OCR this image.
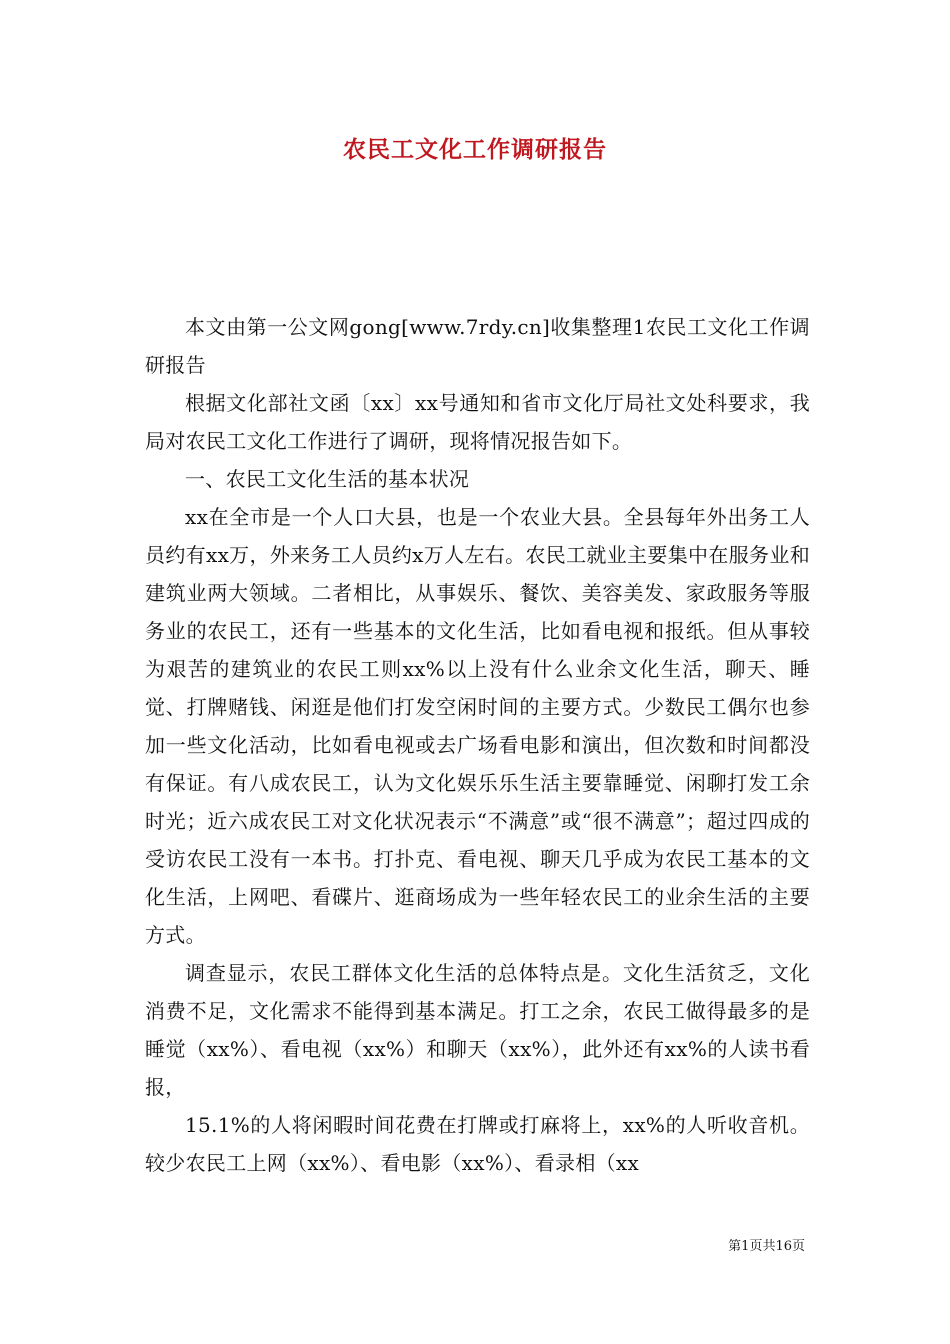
农民工文化工作调研报告

本文由第一公文网gong[www.7rdy.cn]收集整理1农民工文化工作调研报告

根据文化部社文函〔xx〕xx号通知和省市文化厅局社文处科要求，我局对农民工文化工作进行了调研，现将情况报告如下。

一、农民工文化生活的基本状况

xx在全市是一个人口大县，也是一个农业大县。全县每年外出务工人员约有xx万，外来务工人员约x万人左右。农民工就业主要集中在服务业和建筑业两大领域。二者相比，从事娱乐、餐饮、美容美发、家政服务等服务业的农民工，还有一些基本的文化生活，比如看电视和报纸。但从事较为艰苦的建筑业的农民工则xx%以上没有什么业余文化生活，聊天、睡觉、打牌赌钱、闲逛是他们打发空闲时间的主要方式。少数民工偶尔也参加一些文化活动，比如看电视或去广场看电影和演出，但次数和时间都没有保证。有八成农民工，认为文化娱乐乐生活主要靠睡觉、闲聊打发工余时光；近六成农民工对文化状况表示“不满意”或“很不满意”；超过四成的受访农民工没有一本书。打扑克、看电视、聊天几乎成为农民工基本的文化生活，上网吧、看碟片、逛商场成为一些年轻农民工的业余生活的主要方式。

调查显示，农民工群体文化生活的总体特点是。文化生活贫乏，文化消费不足，文化需求不能得到基本满足。打工之余，农民工做得最多的是睡觉（xx%）、看电视（xx%）和聊天（xx%），此外还有xx%的人读书看报，

15.1%的人将闲暇时间花费在打牌或打麻将上，xx%的人听收音机。较少农民工上网（xx%）、看电影（xx%）、看录相（xx

第1页共16页
